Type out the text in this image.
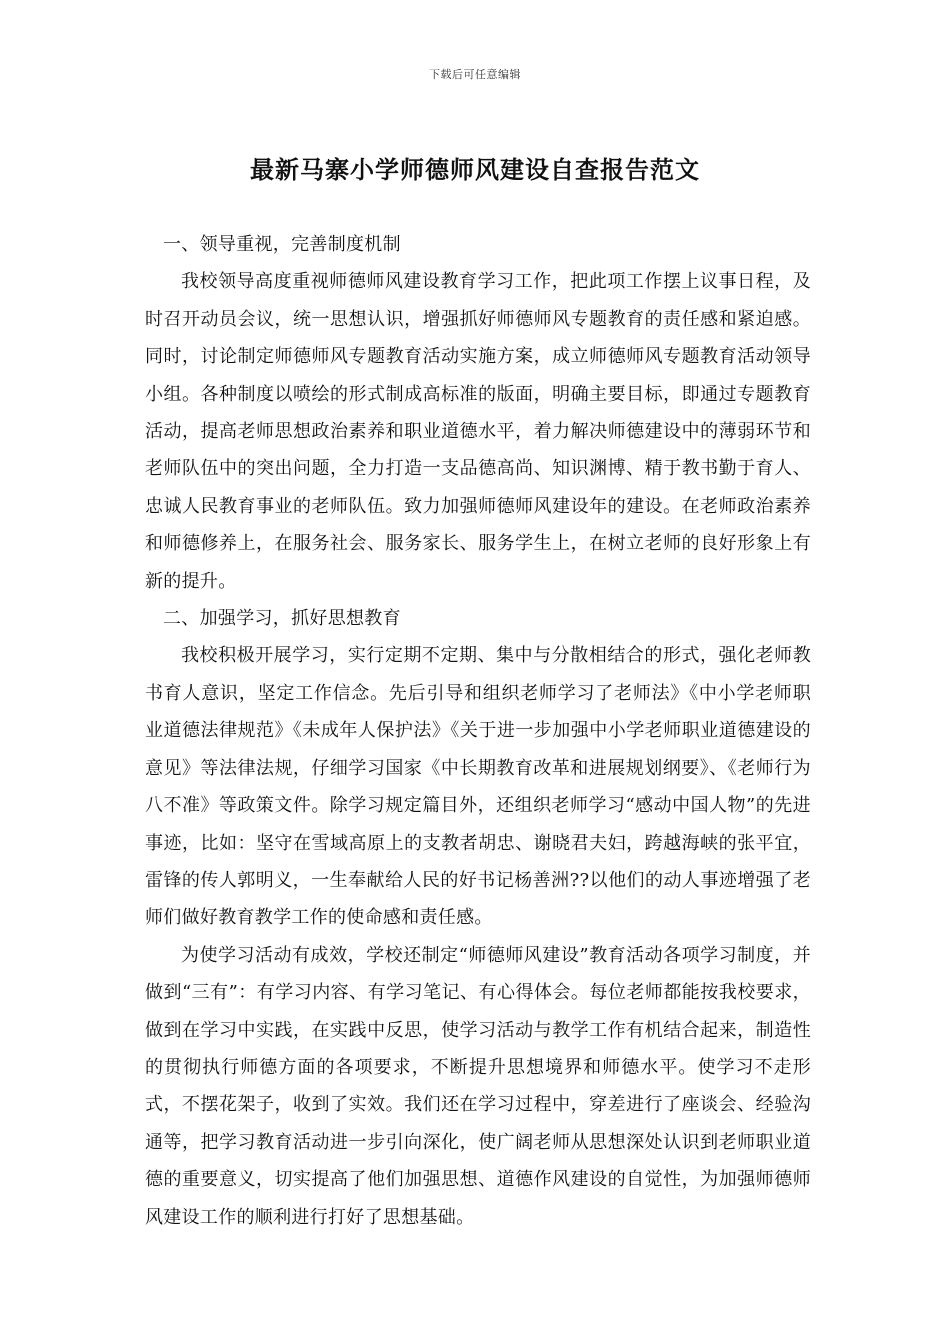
下载后可任意编辑
最新马寨小学师德师风建设自查报告范文

一、领导重视，完善制度机制

我校领导高度重视师德师风建设教育学习工作，把此项工作摆上议事日程，及时召开动员会议，统一思想认识，增强抓好师德师风专题教育的责任感和紧迫感。同时，讨论制定师德师风专题教育活动实施方案，成立师德师风专题教育活动领导小组。各种制度以喷绘的形式制成高标准的版面，明确主要目标，即通过专题教育活动，提高老师思想政治素养和职业道德水平，着力解决师德建设中的薄弱环节和老师队伍中的突出问题，全力打造一支品德高尚、知识渊博、精于教书勤于育人、忠诚人民教育事业的老师队伍。致力加强师德师风建设年的建设。在老师政治素养和师德修养上，在服务社会、服务家长、服务学生上，在树立老师的良好形象上有新的提升。

二、加强学习，抓好思想教育

我校积极开展学习，实行定期不定期、集中与分散相结合的形式，强化老师教书育人意识，坚定工作信念。先后引导和组织老师学习了老师法》《中小学老师职业道德法律规范》《未成年人保护法》《关于进一步加强中小学老师职业道德建设的意见》等法律法规，仔细学习国家《中长期教育改革和进展规划纲要》、《老师行为八不准》等政策文件。除学习规定篇目外，还组织老师学习“感动中国人物”的先进事迹，比如：坚守在雪域高原上的支教者胡忠、谢晓君夫妇，跨越海峡的张平宜，雷锋的传人郭明义，一生奉献给人民的好书记杨善洲??以他们的动人事迹增强了老师们做好教育教学工作的使命感和责任感。

为使学习活动有成效，学校还制定“师德师风建设”教育活动各项学习制度，并做到“三有”：有学习内容、有学习笔记、有心得体会。每位老师都能按我校要求，做到在学习中实践，在实践中反思，使学习活动与教学工作有机结合起来，制造性的贯彻执行师德方面的各项要求，不断提升思想境界和师德水平。使学习不走形式，不摆花架子，收到了实效。我们还在学习过程中，穿差进行了座谈会、经验沟通等，把学习教育活动进一步引向深化，使广阔老师从思想深处认识到老师职业道德的重要意义，切实提高了他们加强思想、道德作风建设的自觉性，为加强师德师风建设工作的顺利进行打好了思想基础。
